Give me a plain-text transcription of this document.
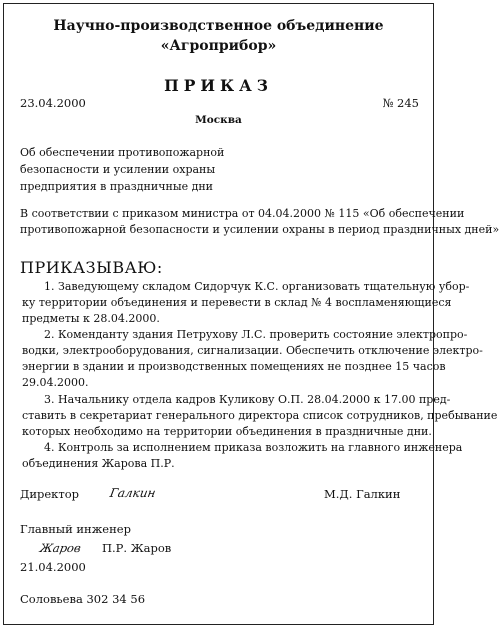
Научно-производственное объединение
«Агроприбор»
ПРИКАЗ
23.04.2000	№ 245
Москва
Об обеспечении противопожарной
безопасности и усилении охраны
предприятия в праздничные дни
В соответствии с приказом министра от 04.04.2000 № 115 «Об обеспечении
противопожарной безопасности и усилении охраны в период праздничных дней»
ПРИКАЗЫВАЮ:
1. Заведующему складом Сидорчук К.С. организовать тщательную убор-
ку территории объединения и перевести в склад № 4 воспламеняющиеся
предметы к 28.04.2000.
2. Коменданту здания Петрухову Л.С. проверить состояние электропро-
водки, электрооборудования, сигнализации. Обеспечить отключение электро-
энергии в здании и производственных помещениях не позднее 15 часов
29.04.2000.
3. Начальнику отдела кадров Куликову О.П. 28.04.2000 к 17.00 пред-
ставить в секретариат генерального директора список сотрудников, пребывание
которых необходимо на территории объединения в праздничные дни.
4. Контроль за исполнением приказа возложить на главного инженера
объединения Жарова П.Р.
Директор Галкин	М.Д. Галкин
Главный инженер
Жаров П.Р. Жаров
21.04.2000
Соловьева 302 34 56
